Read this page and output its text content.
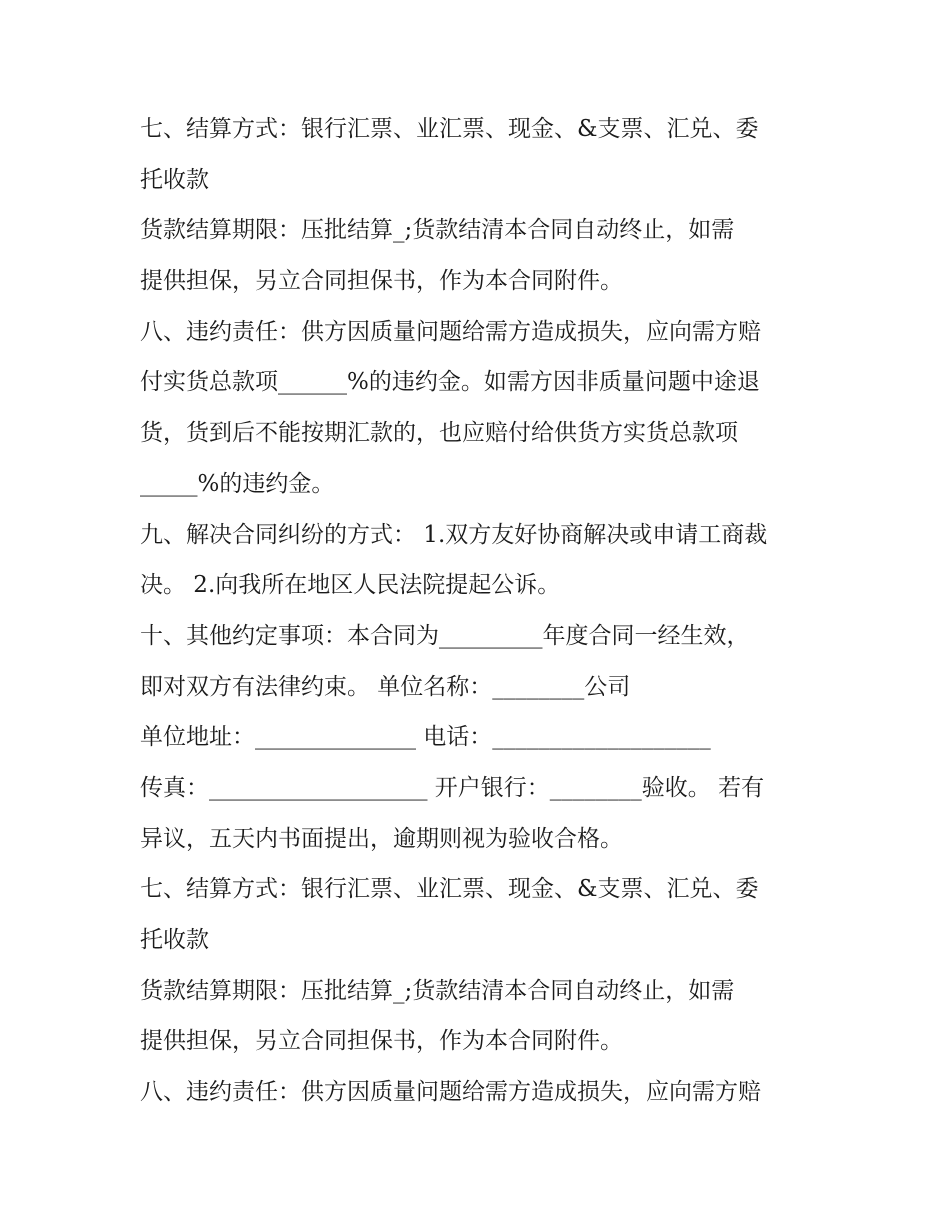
七、结算方式：银行汇票、业汇票、现金、&支票、汇兑、委
托收款
货款结算期限：压批结算_;货款结清本合同自动终止，如需
提供担保，另立合同担保书，作为本合同附件。
八、违约责任：供方因质量问题给需方造成损失，应向需方赔
付实货总款项______%的违约金。如需方因非质量问题中途退
货，货到后不能按期汇款的，也应赔付给供货方实货总款项
_____%的违约金。
九、解决合同纠纷的方式： 1.双方友好协商解决或申请工商裁
决。 2.向我所在地区人民法院提起公诉。
十、其他约定事项：本合同为_________年度合同一经生效，
即对双方有法律约束。 单位名称：________公司
单位地址：______________ 电话：___________________
传真：___________________ 开户银行：________验收。 若有
异议，五天内书面提出，逾期则视为验收合格。
七、结算方式：银行汇票、业汇票、现金、&支票、汇兑、委
托收款
货款结算期限：压批结算_;货款结清本合同自动终止，如需
提供担保，另立合同担保书，作为本合同附件。
八、违约责任：供方因质量问题给需方造成损失，应向需方赔
